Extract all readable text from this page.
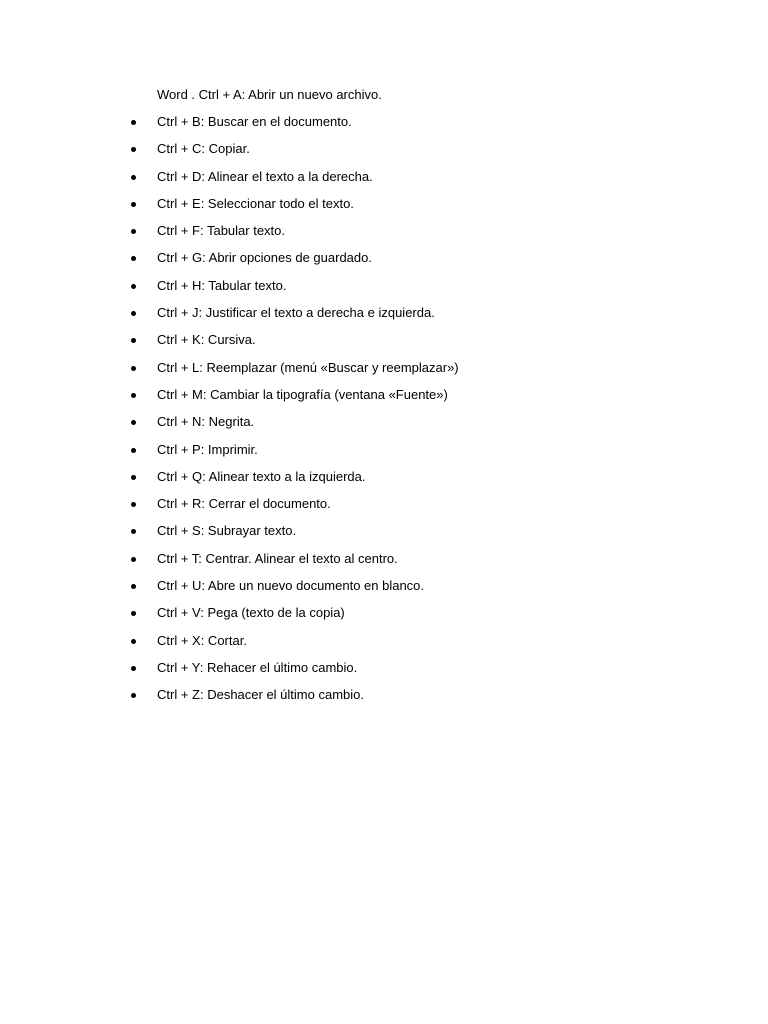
Word . Ctrl + A: Abrir un nuevo archivo.
Ctrl + B: Buscar en el documento.
Ctrl + C: Copiar.
Ctrl + D: Alinear el texto a la derecha.
Ctrl + E: Seleccionar todo el texto.
Ctrl + F: Tabular texto.
Ctrl + G: Abrir opciones de guardado.
Ctrl + H: Tabular texto.
Ctrl + J: Justificar el texto a derecha e izquierda.
Ctrl + K: Cursiva.
Ctrl + L: Reemplazar (menú «Buscar y reemplazar»)
Ctrl + M: Cambiar la tipografía (ventana «Fuente»)
Ctrl + N: Negrita.
Ctrl + P: Imprimir.
Ctrl + Q: Alinear texto a la izquierda.
Ctrl + R: Cerrar el documento.
Ctrl + S: Subrayar texto.
Ctrl + T: Centrar. Alinear el texto al centro.
Ctrl + U: Abre un nuevo documento en blanco.
Ctrl + V: Pega (texto de la copia)
Ctrl + X: Cortar.
Ctrl + Y: Rehacer el último cambio.
Ctrl + Z: Deshacer el último cambio.
